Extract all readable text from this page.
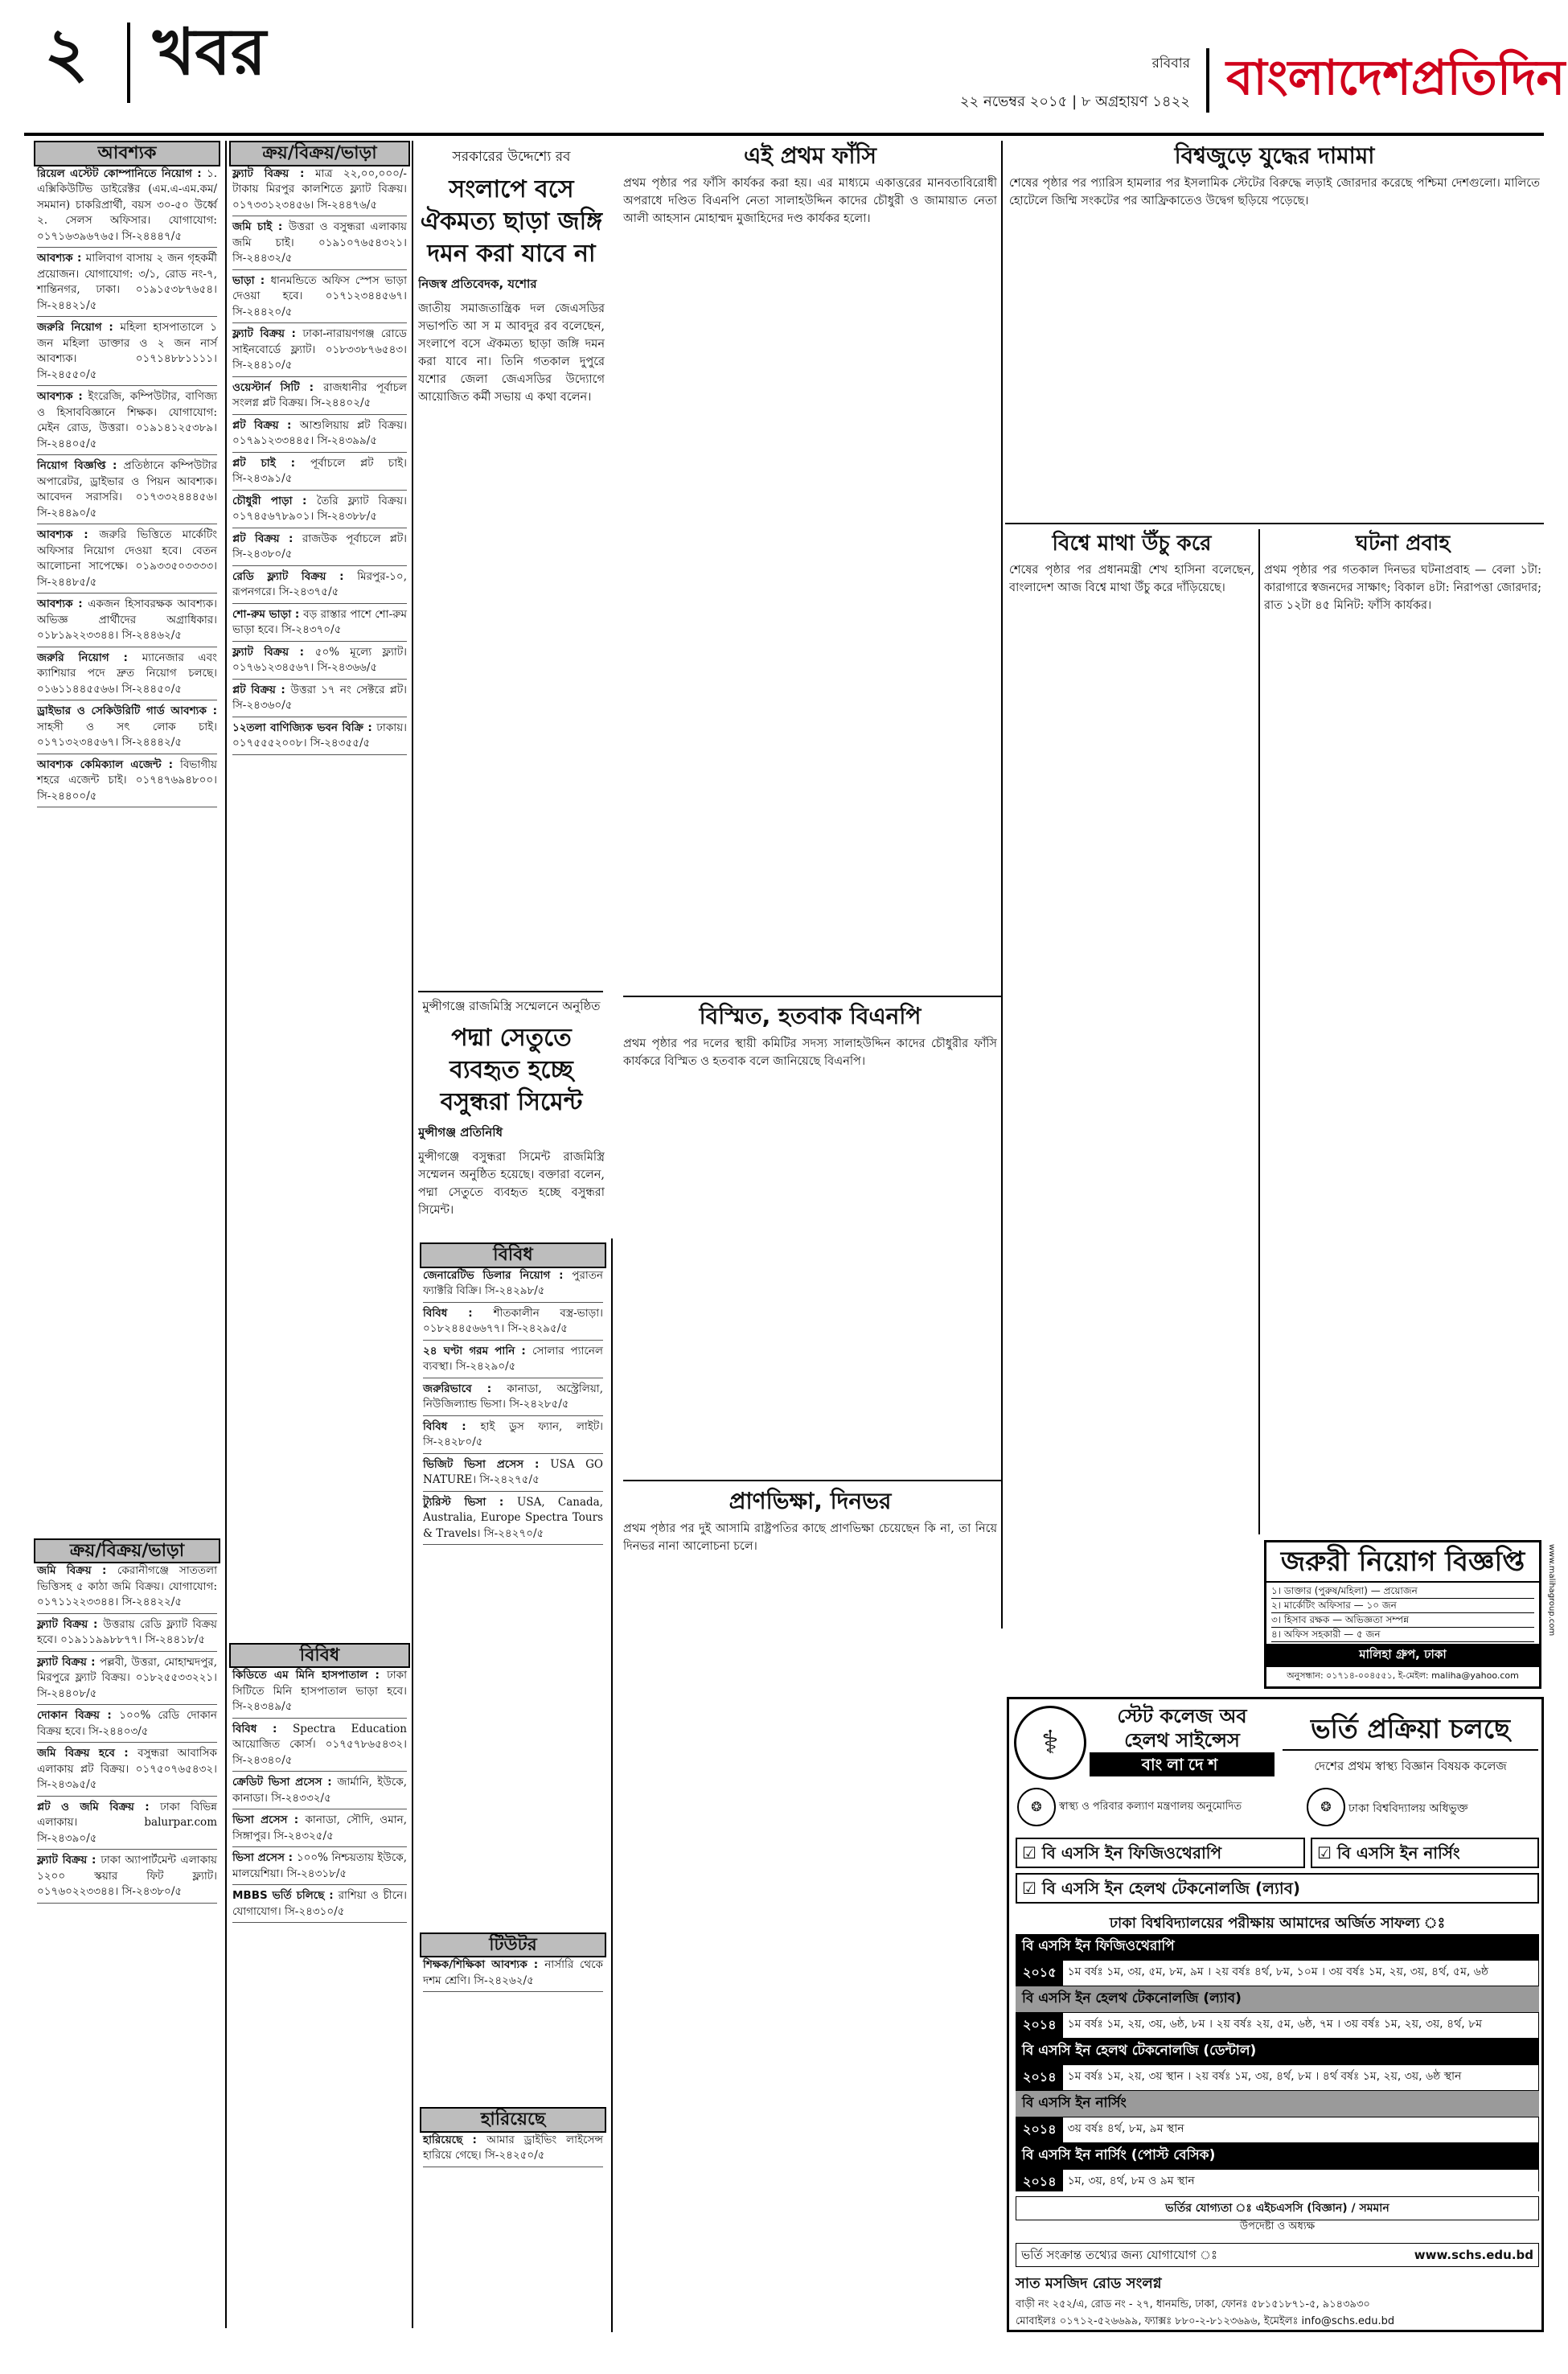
২ খবর	রবিবার
২২ নভেম্বর ২০১৫ | ৮ অগ্রহায়ণ ১৪২২ বাংলাদেশপ্রতিদিন
আবশ্যক
রিয়েল এস্টেট কোম্পানিতে নিয়োগ : ১. এক্সিকিউটিভ ডাইরেক্টর (এম.এ-এম.কম/সমমান) চাকরিপ্রার্থী, বয়স ৩০-৫০ উর্ধ্বে ২. সেলস অফিসার। যোগাযোগ: ০১৭১৬৩৯৬৭৬৫। সি-২৪৪৪৭/৫
আবশ্যক : মালিবাগ বাসায় ২ জন গৃহকর্মী প্রয়োজন। যোগাযোগ: ৩/১, রোড নং-৭, শান্তিনগর, ঢাকা। ০১৯১৫৩৮৭৬৫৪। সি-২৪৪২১/৫
জরুরি নিয়োগ : মহিলা হাসপাতালে ১ জন মহিলা ডাক্তার ও ২ জন নার্স আবশ্যক। ০১৭১৪৮৮১১১১। সি-২৪৫৫০/৫
আবশ্যক : ইংরেজি, কম্পিউটার, বাণিজ্য ও হিসাববিজ্ঞানে শিক্ষক। যোগাযোগ: মেইন রোড, উত্তরা। ০১৯১৪১২৫৩৮৯। সি-২৪৪০৫/৫
নিয়োগ বিজ্ঞপ্তি : প্রতিষ্ঠানে কম্পিউটার অপারেটর, ড্রাইভার ও পিয়ন আবশ্যক। আবেদন সরাসরি। ০১৭৩৩২৪৪৪৫৬। সি-২৪৪৯০/৫
আবশ্যক : জরুরি ভিত্তিতে মার্কেটিং অফিসার নিয়োগ দেওয়া হবে। বেতন আলোচনা সাপেক্ষে। ০১৯৩৩৫০৩৩৩৩। সি-২৪৪৮৫/৫
আবশ্যক : একজন হিসাবরক্ষক আবশ্যক। অভিজ্ঞ প্রার্থীদের অগ্রাধিকার। ০১৮১৯২২৩৩৪৪। সি-২৪৪৬২/৫
জরুরি নিয়োগ : ম্যানেজার এবং ক্যাশিয়ার পদে দ্রুত নিয়োগ চলছে। ০১৬১১৪৪৫৫৬৬। সি-২৪৪৫০/৫
ড্রাইভার ও সেকিউরিটি গার্ড আবশ্যক : সাহসী ও সৎ লোক চাই। ০১৭১৩২৩৪৫৬৭। সি-২৪৪৪২/৫
আবশ্যক কেমিক্যাল এজেন্ট : বিভাগীয় শহরে এজেন্ট চাই। ০১৭৪৭৬৯৪৮০০। সি-২৪৪০০/৫
ক্রয়/বিক্রয়/ভাড়া
জমি বিক্রয় : কেরানীগঞ্জে সাততলা ভিত্তিসহ ৫ কাঠা জমি বিক্রয়। যোগাযোগ: ০১৭১১২২৩৩৪৪। সি-২৪৪২২/৫
ফ্ল্যাট বিক্রয় : উত্তরায় রেডি ফ্ল্যাট বিক্রয় হবে। ০১৯১১৯৯৮৮৭৭। সি-২৪৪১৮/৫
ফ্ল্যাট বিক্রয় : পল্লবী, উত্তরা, মোহাম্মদপুর, মিরপুরে ফ্ল্যাট বিক্রয়। ০১৮২৫৫৩৩২২১। সি-২৪৪০৮/৫
দোকান বিক্রয় : ১০০% রেডি দোকান বিক্রয় হবে। সি-২৪৪০৩/৫
জমি বিক্রয় হবে : বসুন্ধরা আবাসিক এলাকায় প্লট বিক্রয়। ০১৭৫০৭৬৫৪৩২। সি-২৪৩৯৫/৫
প্লট ও জমি বিক্রয় : ঢাকা বিভিন্ন এলাকায়। balurpar.com সি-২৪৩৯০/৫
ফ্ল্যাট বিক্রয় : ঢাকা অ্যাপার্টমেন্ট এলাকায় ১২০০ স্কয়ার ফিট ফ্ল্যাট। ০১৭৬০২২৩৩৪৪। সি-২৪৩৮০/৫
ক্রয়/বিক্রয়/ভাড়া
ফ্ল্যাট বিক্রয় : মাত্র ২২,০০,০০০/- টাকায় মিরপুর কালশিতে ফ্ল্যাট বিক্রয়। ০১৭৩৩১২৩৪৫৬। সি-২৪৪৭৬/৫
জমি চাই : উত্তরা ও বসুন্ধরা এলাকায় জমি চাই। ০১৯১০৭৬৫৪৩২১। সি-২৪৪৩২/৫
ভাড়া : ধানমন্ডিতে অফিস স্পেস ভাড়া দেওয়া হবে। ০১৭১২৩৪৪৫৬৭। সি-২৪৪২০/৫
ফ্ল্যাট বিক্রয় : ঢাকা-নারায়ণগঞ্জ রোডে সাইনবোর্ডে ফ্ল্যাট। ০১৮৩৩৮৭৬৫৪৩। সি-২৪৪১০/৫
ওয়েস্টার্ন সিটি : রাজধানীর পূর্বাচল সংলগ্ন প্লট বিক্রয়। সি-২৪৪০২/৫
প্লট বিক্রয় : আশুলিয়ায় প্লট বিক্রয়। ০১৭৯১২৩৩৪৪৫। সি-২৪৩৯৯/৫
প্লট চাই : পূর্বাচলে প্লট চাই। সি-২৪৩৯১/৫
চৌধুরী পাড়া : তৈরি ফ্ল্যাট বিক্রয়। ০১৭৪৫৬৭৮৯০১। সি-২৪৩৮৮/৫
প্লট বিক্রয় : রাজউক পূর্বাচলে প্লট। সি-২৪৩৮০/৫
রেডি ফ্ল্যাট বিক্রয় : মিরপুর-১০, রূপনগরে। সি-২৪৩৭৫/৫
শো-রুম ভাড়া : বড় রাস্তার পাশে শো-রুম ভাড়া হবে। সি-২৪৩৭০/৫
ফ্ল্যাট বিক্রয় : ৫০% মূল্যে ফ্ল্যাট। ০১৭৬১২৩৪৫৬৭। সি-২৪৩৬৬/৫
প্লট বিক্রয় : উত্তরা ১৭ নং সেক্টরে প্লট। সি-২৪৩৬০/৫
১২তলা বাণিজ্যিক ভবন বিক্রি : ঢাকায়। ০১৭৫৫৫২০০৮। সি-২৪৩৫৫/৫
বিবিধ
কিডিতে এম মিনি হাসপাতাল : ঢাকা সিটিতে মিনি হাসপাতাল ভাড়া হবে। সি-২৪৩৪৯/৫
বিবিধ : Spectra Education আয়োজিত কোর্স। ০১৭৫৭৮৬৫৪৩২। সি-২৪৩৪০/৫
ক্রেডিট ভিসা প্রসেস : জার্মানি, ইউকে, কানাডা। সি-২৪৩৩২/৫
ভিসা প্রসেস : কানাডা, সৌদি, ওমান, সিঙ্গাপুর। সি-২৪৩২৫/৫
ভিসা প্রসেস : ১০০% নিশ্চয়তায় ইউকে, মালয়েশিয়া। সি-২৪৩১৮/৫
MBBS ভর্তি চলিছে : রাশিয়া ও চীনে। যোগাযোগ। সি-২৪৩১০/৫
সরকারের উদ্দেশ্যে রব
সংলাপে বসে ঐকমত্য ছাড়া জঙ্গি দমন করা যাবে না
নিজস্ব প্রতিবেদক, যশোর
জাতীয় সমাজতান্ত্রিক দল জেএসডির সভাপতি আ স ম আবদুর রব বলেছেন, সংলাপে বসে ঐকমত্য ছাড়া জঙ্গি দমন করা যাবে না। তিনি গতকাল দুপুরে যশোর জেলা জেএসডির উদ্যোগে আয়োজিত কর্মী সভায় এ কথা বলেন।
মুন্সীগঞ্জে রাজমিস্ত্রি সম্মেলনে অনুষ্ঠিত
পদ্মা সেতুতে ব্যবহৃত হচ্ছে বসুন্ধরা সিমেন্ট
মুন্সীগঞ্জ প্রতিনিধি
মুন্সীগঞ্জে বসুন্ধরা সিমেন্ট রাজমিস্ত্রি সম্মেলন অনুষ্ঠিত হয়েছে। বক্তারা বলেন, পদ্মা সেতুতে ব্যবহৃত হচ্ছে বসুন্ধরা সিমেন্ট।
বিবিধ
জেনারেটিভ ডিলার নিয়োগ : পুরাতন ফ্যাক্টরি বিক্রি। সি-২৪২৯৮/৫
বিবিধ : শীতকালীন বস্ত্র-ভাড়া। ০১৮২৪৪৫৬৬৭৭। সি-২৪২৯৫/৫
২৪ ঘণ্টা গরম পানি : সোলার প্যানেল ব্যবস্থা। সি-২৪২৯০/৫
জরুরিভাবে : কানাডা, অস্ট্রেলিয়া, নিউজিল্যান্ড ভিসা। সি-২৪২৮৫/৫
বিবিধ : হাই ডুস ফ্যান, লাইট। সি-২৪২৮০/৫
ভিজিট ভিসা প্রসেস : USA GO NATURE। সি-২৪২৭৫/৫
ট্যুরিস্ট ভিসা : USA, Canada, Australia, Europe Spectra Tours & Travels। সি-২৪২৭০/৫
টিউটর
শিক্ষক/শিক্ষিকা আবশ্যক : নার্সারি থেকে দশম শ্রেণি। সি-২৪২৬২/৫
হারিয়েছে
হারিয়েছে : আমার ড্রাইভিং লাইসেন্স হারিয়ে গেছে। সি-২৪২৫০/৫
এই প্রথম ফাঁসি
প্রথম পৃষ্ঠার পর ফাঁসি কার্যকর করা হয়। এর মাধ্যমে একাত্তরের মানবতাবিরোধী অপরাধে দণ্ডিত বিএনপি নেতা সালাহউদ্দিন কাদের চৌধুরী ও জামায়াত নেতা আলী আহসান মোহাম্মদ মুজাহিদের দণ্ড কার্যকর হলো।
বিস্মিত, হতবাক বিএনপি
প্রথম পৃষ্ঠার পর দলের স্থায়ী কমিটির সদস্য সালাহউদ্দিন কাদের চৌধুরীর ফাঁসি কার্যকরে বিস্মিত ও হতবাক বলে জানিয়েছে বিএনপি।
প্রাণভিক্ষা, দিনভর
প্রথম পৃষ্ঠার পর দুই আসামি রাষ্ট্রপতির কাছে প্রাণভিক্ষা চেয়েছেন কি না, তা নিয়ে দিনভর নানা আলোচনা চলে।
বিশ্বজুড়ে যুদ্ধের দামামা
শেষের পৃষ্ঠার পর প্যারিস হামলার পর ইসলামিক স্টেটের বিরুদ্ধে লড়াই জোরদার করেছে পশ্চিমা দেশগুলো। মালিতে হোটেলে জিম্মি সংকটের পর আফ্রিকাতেও উদ্বেগ ছড়িয়ে পড়েছে।
বিশ্বে মাথা উঁচু করে
শেষের পৃষ্ঠার পর প্রধানমন্ত্রী শেখ হাসিনা বলেছেন, বাংলাদেশ আজ বিশ্বে মাথা উঁচু করে দাঁড়িয়েছে।
ঘটনা প্রবাহ
প্রথম পৃষ্ঠার পর গতকাল দিনভর ঘটনাপ্রবাহ — বেলা ১টা: কারাগারে স্বজনদের সাক্ষাৎ; বিকাল ৪টা: নিরাপত্তা জোরদার; রাত ১২টা ৪৫ মিনিট: ফাঁসি কার্যকর।
জরুরী নিয়োগ বিজ্ঞপ্তি
১। ডাক্তার (পুরুষ/মহিলা) — প্রয়োজন
২। মার্কেটিং অফিসার — ১০ জন
৩। হিসাব রক্ষক — অভিজ্ঞতা সম্পন্ন
৪। অফিস সহকারী — ৫ জন
মালিহা গ্রুপ, ঢাকা
অনুসন্ধান: ০১৭১৪-০০৪৫৫১, ই-মেইল: maliha@yahoo.com
www.malihagroup.com
⚕
স্টেট কলেজ অব
হেলথ সাইন্সেস
বাংলাদেশ
ভর্তি প্রক্রিয়া চলছে
দেশের প্রথম স্বাস্থ্য বিজ্ঞান বিষয়ক কলেজ
❂	স্বাস্থ্য ও পরিবার কল্যাণ মন্ত্রণালয় অনুমোদিত	❂	ঢাকা বিশ্ববিদ্যালয় অধিভুক্ত
☑ বি এসসি ইন ফিজিওথেরাপি	☑ বি এসসি ইন নার্সিং
☑ বি এসসি ইন হেলথ টেকনোলজি (ল্যাব)
ঢাকা বিশ্ববিদ্যালয়ের পরীক্ষায় আমাদের অর্জিত সাফল্য ঃ
বি এসসি ইন ফিজিওথেরাপি
২০১৫	১ম বর্ষঃ ১ম, ৩য়, ৫ম, ৮ম, ৯ম । ২য় বর্ষঃ ৪র্থ, ৮ম, ১০ম । ৩য় বর্ষঃ ১ম, ২য়, ৩য়, ৪র্থ, ৫ম, ৬ষ্ঠ
বি এসসি ইন হেলথ টেকনোলজি (ল্যাব)
২০১৪	১ম বর্ষঃ ১ম, ২য়, ৩য়, ৬ষ্ঠ, ৮ম । ২য় বর্ষঃ ২য়, ৫ম, ৬ষ্ঠ, ৭ম । ৩য় বর্ষঃ ১ম, ২য়, ৩য়, ৪র্থ, ৮ম
বি এসসি ইন হেলথ টেকনোলজি (ডেন্টাল)
২০১৪	১ম বর্ষঃ ১ম, ২য়, ৩য় স্থান । ২য় বর্ষঃ ১ম, ৩য়, ৪র্থ, ৮ম । ৪র্থ বর্ষঃ ১ম, ২য়, ৩য়, ৬ষ্ঠ স্থান
বি এসসি ইন নার্সিং
২০১৪	৩য় বর্ষঃ ৪র্থ, ৮ম, ৯ম স্থান
বি এসসি ইন নার্সিং (পোস্ট বেসিক)
২০১৪	১ম, ৩য়, ৪র্থ, ৮ম ও ৯ম স্থান
ভর্তির যোগ্যতা ঃ এইচএসসি (বিজ্ঞান) / সমমান
উপদেষ্টা ও অধ্যক্ষ
ভর্তি সংক্রান্ত তথ্যের জন্য যোগাযোগ ঃ	www.schs.edu.bd
সাত মসজিদ রোড সংলগ্ন
বাড়ী নং ২৫২/এ, রোড নং - ২৭, ধানমন্ডি, ঢাকা, ফোনঃ ৫৮১৫১৮৭১-৫, ৯১৪৩৯৩০
মোবাইলঃ ০১৭১২-৫২৬৬৯৯, ফ্যাক্সঃ ৮৮০-২-৮১২৩৬৯৬, ইমেইলঃ info@schs.edu.bd
